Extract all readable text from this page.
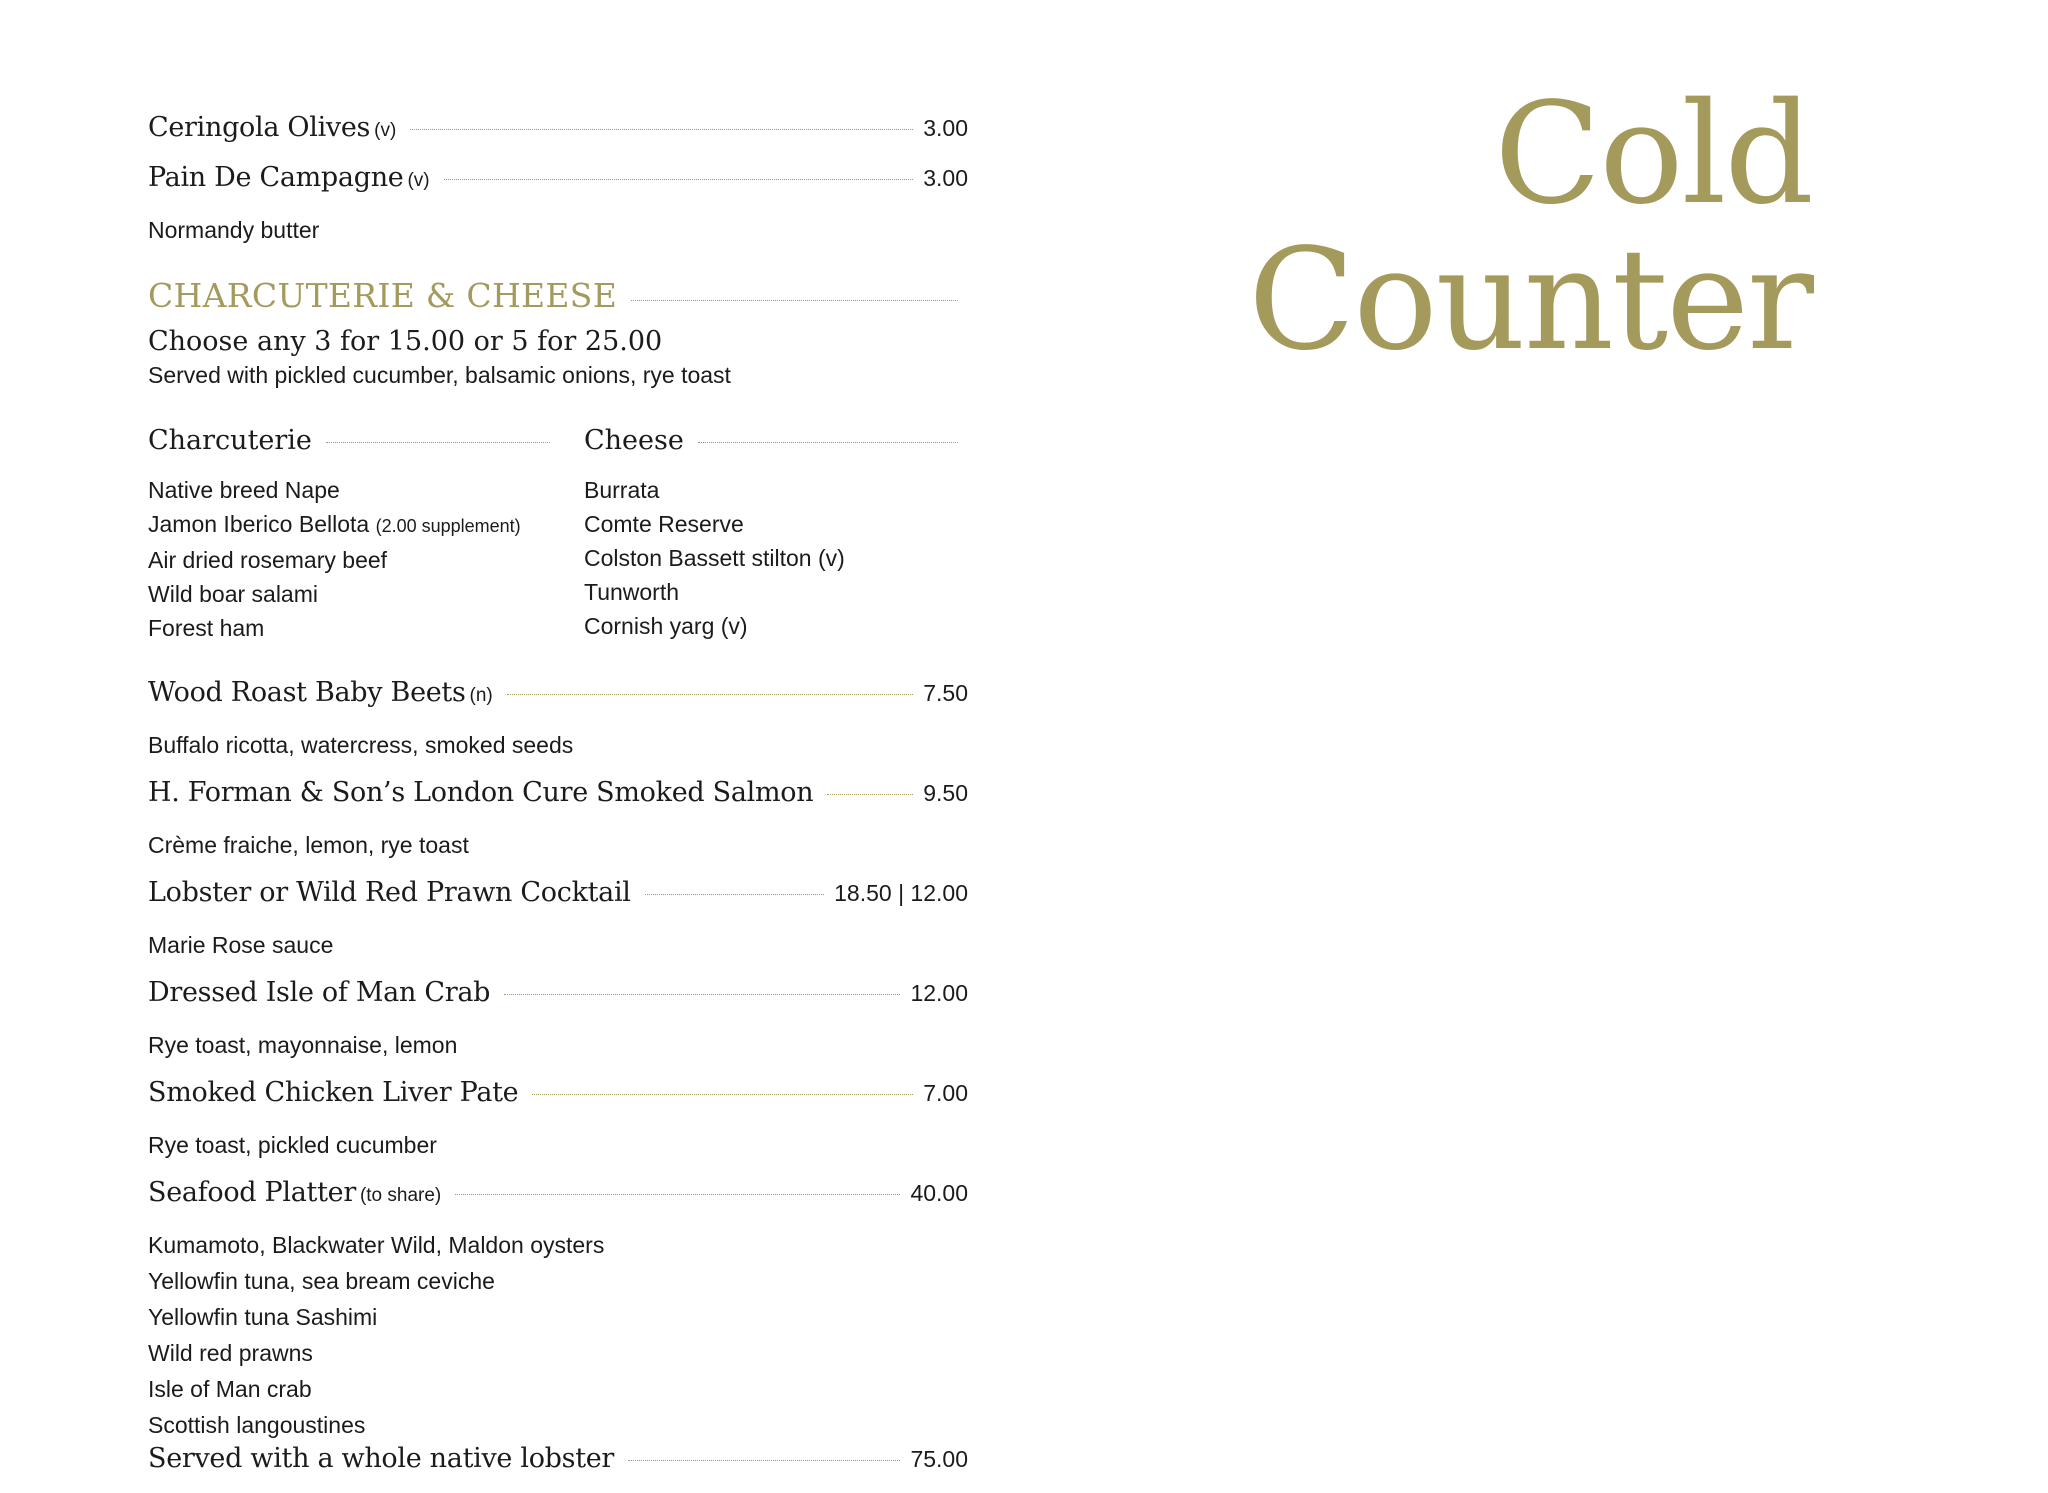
Ceringola Olives (v)	3.00
Pain De Campagne (v)	3.00
Normandy butter
CHARCUTERIE & CHEESE
Choose any 3 for 15.00 or 5 for 25.00
Served with pickled cucumber, balsamic onions, rye toast
Charcuterie
Native breed Nape
Jamon Iberico Bellota (2.00 supplement)
Air dried rosemary beef
Wild boar salami
Forest ham
Cheese
Burrata
Comte Reserve
Colston Bassett stilton (v)
Tunworth
Cornish yarg (v)
Wood Roast Baby Beets (n)	7.50
Buffalo ricotta, watercress, smoked seeds
H. Forman & Son’s London Cure Smoked Salmon	9.50
Crème fraiche, lemon, rye toast
Lobster or Wild Red Prawn Cocktail	18.50 | 12.00
Marie Rose sauce
Dressed Isle of Man Crab	12.00
Rye toast, mayonnaise, lemon
Smoked Chicken Liver Pate	7.00
Rye toast, pickled cucumber
Seafood Platter (to share)	40.00
Kumamoto, Blackwater Wild, Maldon oysters
Yellowfin tuna, sea bream ceviche
Yellowfin tuna Sashimi
Wild red prawns
Isle of Man crab
Scottish langoustines
Served with a whole native lobster	75.00
Cold
Counter
